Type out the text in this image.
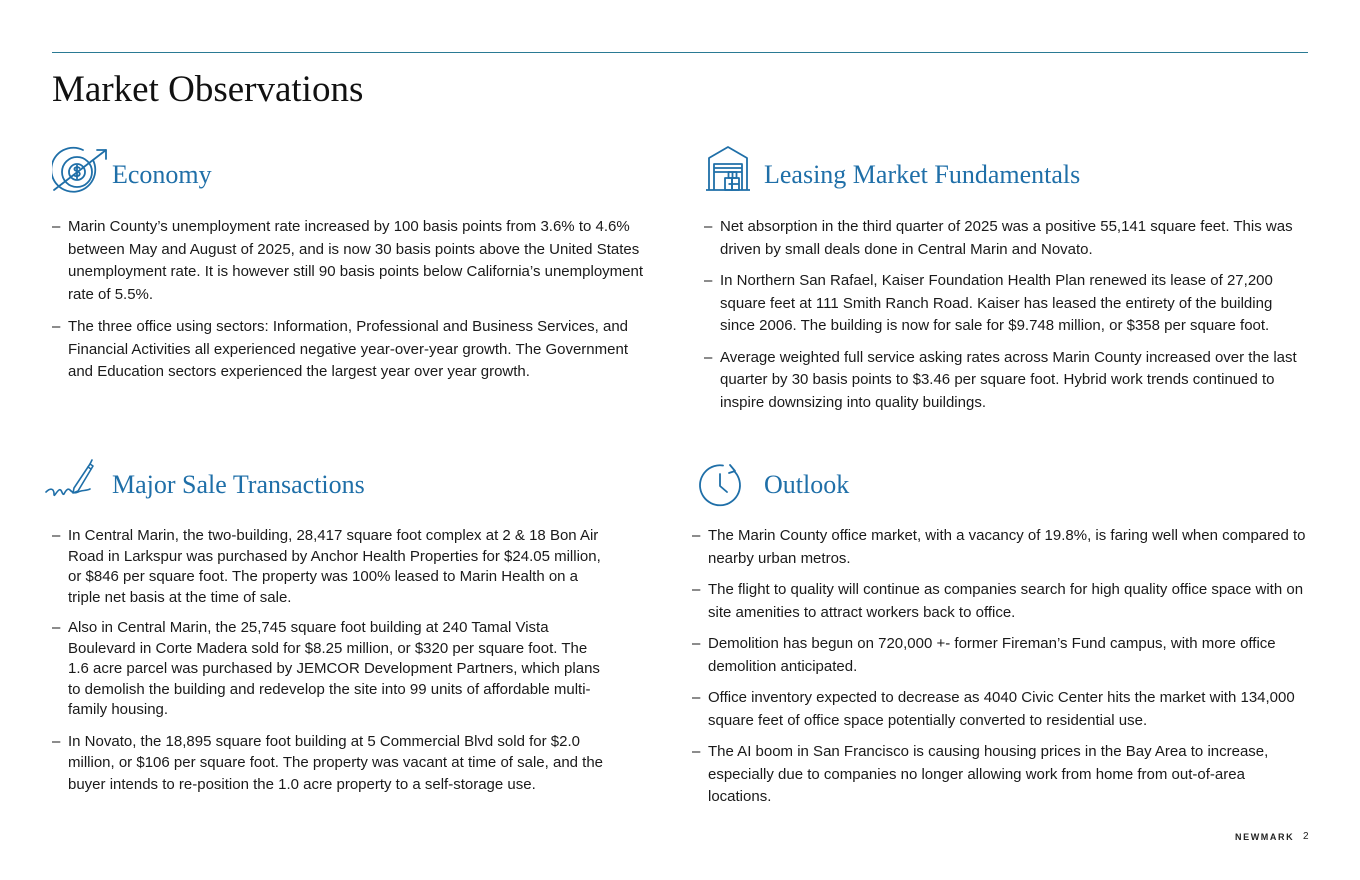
Market Observations
Economy
– Marin County’s unemployment rate increased by 100 basis points from 3.6% to 4.6% between May and August of 2025, and is now 30 basis points above the United States unemployment rate. It is however still 90 basis points below California’s unemployment rate of 5.5%.
– The three office using sectors: Information, Professional and Business Services, and Financial Activities all experienced negative year-over-year growth. The Government and Education sectors experienced the largest year over year growth.
Leasing Market Fundamentals
– Net absorption in the third quarter of 2025 was a positive 55,141 square feet. This was driven by small deals done in Central Marin and Novato.
– In Northern San Rafael, Kaiser Foundation Health Plan renewed its lease of 27,200 square feet at 111 Smith Ranch Road. Kaiser has leased the entirety of the building since 2006. The building is now for sale for $9.748 million, or $358 per square foot.
– Average weighted full service asking rates across Marin County increased over the last quarter by 30 basis points to $3.46 per square foot. Hybrid work trends continued to inspire downsizing into quality buildings.
Major Sale Transactions
– In Central Marin, the two-building, 28,417 square foot complex at 2 & 18 Bon Air Road in Larkspur was purchased by Anchor Health Properties for $24.05 million, or $846 per square foot. The property was 100% leased to Marin Health on a triple net basis at the time of sale.
– Also in Central Marin, the 25,745 square foot building at 240 Tamal Vista Boulevard in Corte Madera sold for $8.25 million, or $320 per square foot. The 1.6 acre parcel was purchased by JEMCOR Development Partners, which plans to demolish the building and redevelop the site into 99 units of affordable multi-family housing.
– In Novato, the 18,895 square foot building at 5 Commercial Blvd sold for $2.0 million, or $106 per square foot. The property was vacant at time of sale, and the buyer intends to re-position the 1.0 acre property to a self-storage use.
Outlook
– The Marin County office market, with a vacancy of 19.8%, is faring well when compared to nearby urban metros.
– The flight to quality will continue as companies search for high quality office space with on site amenities to attract workers back to office.
– Demolition has begun on 720,000 +- former Fireman’s Fund campus, with more office demolition anticipated.
– Office inventory expected to decrease as 4040 Civic Center hits the market with 134,000 square feet of office space potentially converted to residential use.
– The AI boom in San Francisco is causing housing prices in the Bay Area to increase, especially due to companies no longer allowing work from home from out-of-area locations.
NEWMARK 2
